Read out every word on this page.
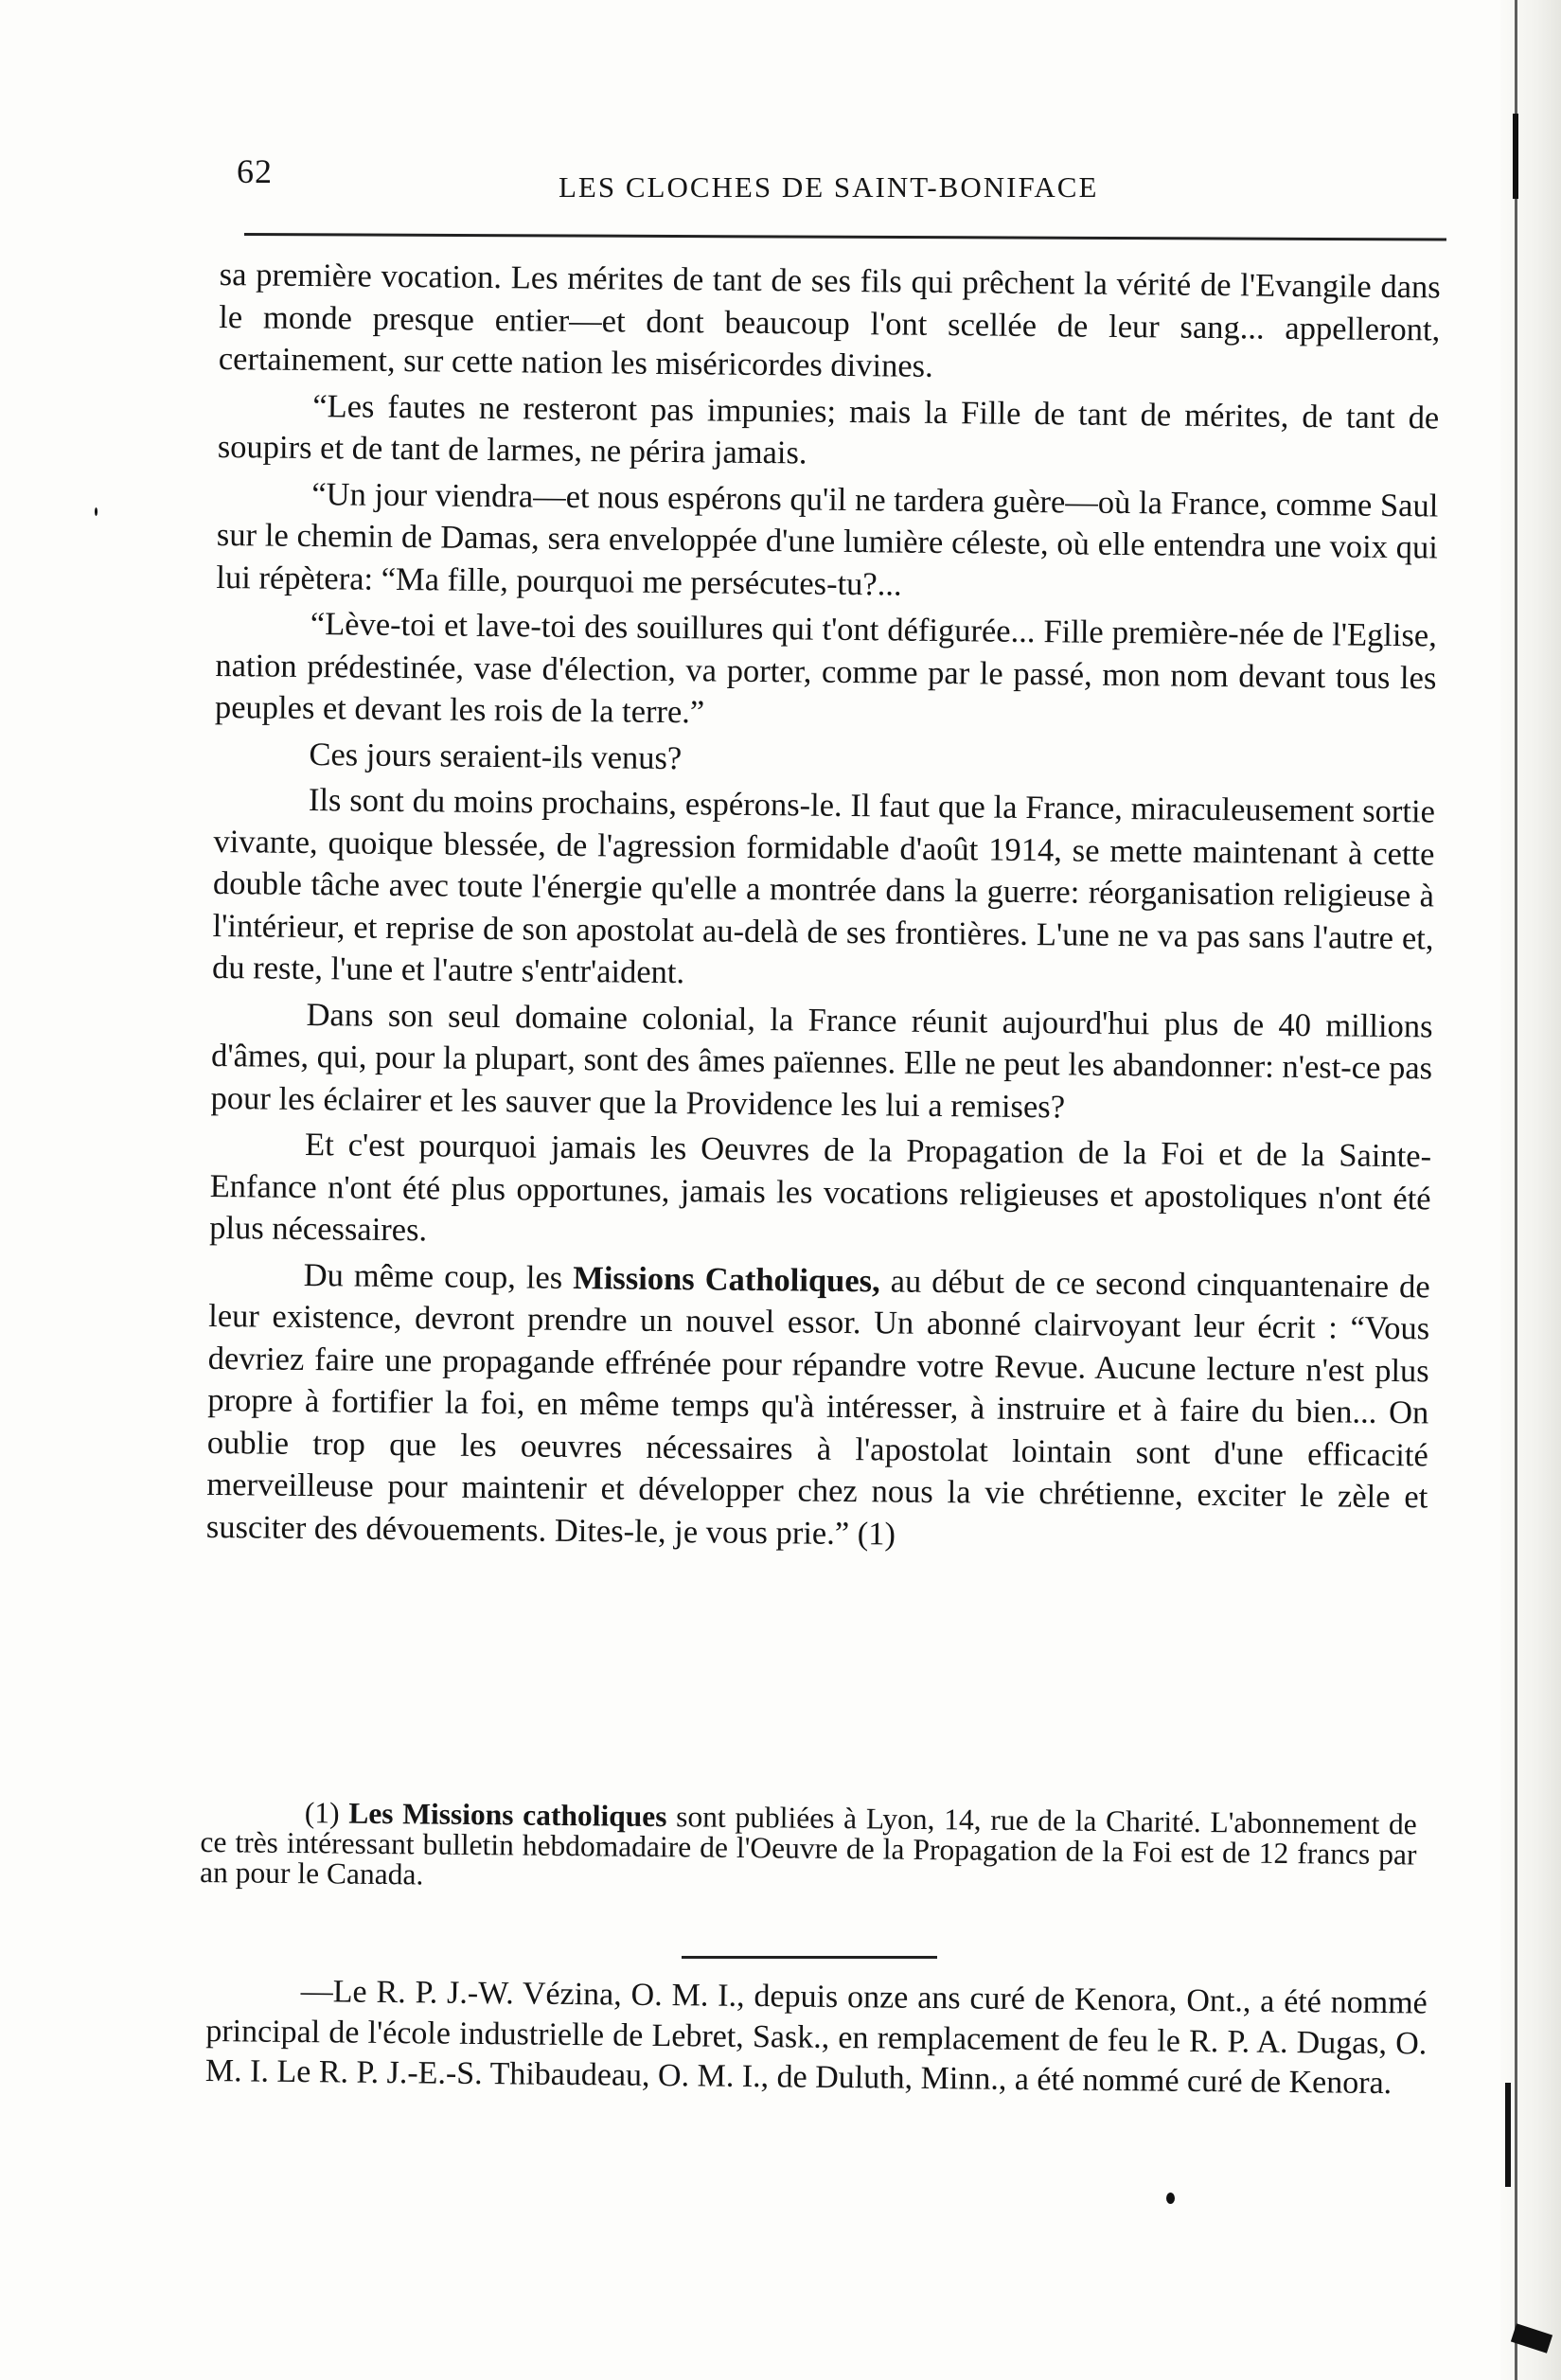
62	LES CLOCHES DE SAINT-BONIFACE

sa première vocation. Les mérites de tant de ses fils qui prêchent la vérité de l'Evangile dans le monde presque entier—et dont beaucoup l'ont scellée de leur sang... appelleront, certainement, sur cette nation les miséricordes divines.

“Les fautes ne resteront pas impunies; mais la Fille de tant de mérites, de tant de soupirs et de tant de larmes, ne périra jamais.

“Un jour viendra—et nous espérons qu'il ne tardera guère—où la France, comme Saul sur le chemin de Damas, sera enveloppée d'une lumière céleste, où elle entendra une voix qui lui répètera: “Ma fille, pourquoi me persécutes-tu?...

“Lève-toi et lave-toi des souillures qui t'ont défigurée... Fille première-née de l'Eglise, nation prédestinée, vase d'élection, va porter, comme par le passé, mon nom devant tous les peuples et devant les rois de la terre.”

Ces jours seraient-ils venus?

Ils sont du moins prochains, espérons-le. Il faut que la France, miraculeusement sortie vivante, quoique blessée, de l'agression formidable d'août 1914, se mette maintenant à cette double tâche avec toute l'énergie qu'elle a montrée dans la guerre: réorganisation religieuse à l'intérieur, et reprise de son apostolat au-delà de ses frontières. L'une ne va pas sans l'autre et, du reste, l'une et l'autre s'entr'aident.

Dans son seul domaine colonial, la France réunit aujourd'hui plus de 40 millions d'âmes, qui, pour la plupart, sont des âmes païennes. Elle ne peut les abandonner: n'est-ce pas pour les éclairer et les sauver que la Providence les lui a remises?

Et c'est pourquoi jamais les Oeuvres de la Propagation de la Foi et de la Sainte-Enfance n'ont été plus opportunes, jamais les vocations religieuses et apostoliques n'ont été plus nécessaires.

Du même coup, les Missions Catholiques, au début de ce second cinquantenaire de leur existence, devront prendre un nouvel essor. Un abonné clairvoyant leur écrit : “Vous devriez faire une propagande effrénée pour répandre votre Revue. Aucune lecture n'est plus propre à fortifier la foi, en même temps qu'à intéresser, à instruire et à faire du bien... On oublie trop que les oeuvres nécessaires à l'apostolat lointain sont d'une efficacité merveilleuse pour maintenir et développer chez nous la vie chrétienne, exciter le zèle et susciter des dévouements. Dites-le, je vous prie.” (1)

(1) Les Missions catholiques sont publiées à Lyon, 14, rue de la Charité. L'abonnement de ce très intéressant bulletin hebdomadaire de l'Oeuvre de la Propagation de la Foi est de 12 francs par an pour le Canada.

—Le R. P. J.-W. Vézina, O. M. I., depuis onze ans curé de Kenora, Ont., a été nommé principal de l'école industrielle de Lebret, Sask., en remplacement de feu le R. P. A. Dugas, O. M. I. Le R. P. J.-E.-S. Thibaudeau, O. M. I., de Duluth, Minn., a été nommé curé de Kenora.
